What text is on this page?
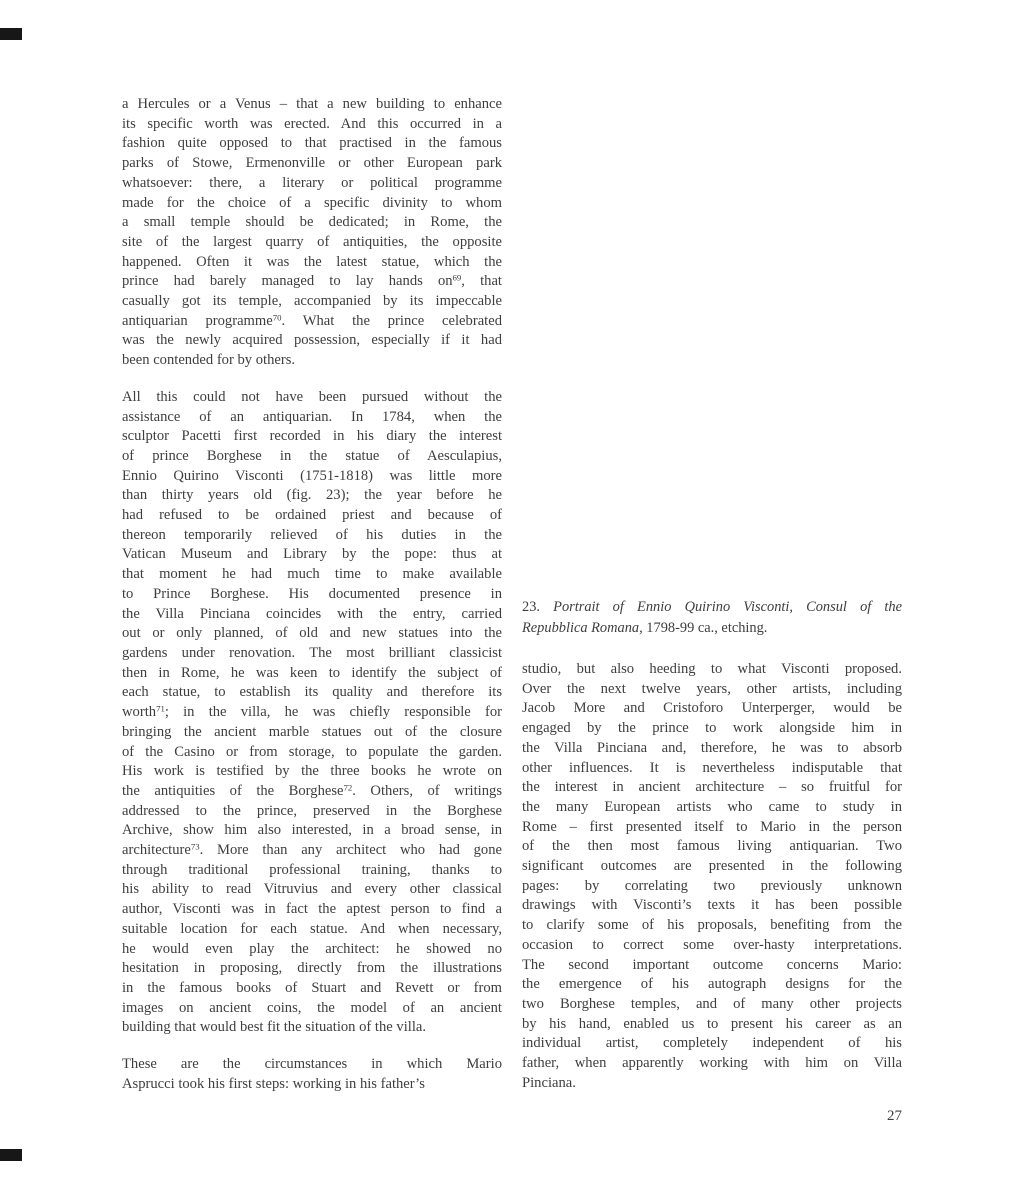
a Hercules or a Venus – that a new building to enhance
its specific worth was erected. And this occurred in a
fashion quite opposed to that practised in the famous
parks of Stowe, Ermenonville or other European park
whatsoever: there, a literary or political programme
made for the choice of a specific divinity to whom
a small temple should be dedicated; in Rome, the
site of the largest quarry of antiquities, the opposite
happened. Often it was the latest statue, which the
prince had barely managed to lay hands on$^{69}$, that
casually got its temple, accompanied by its impeccable
antiquarian programme$^{70}$. What the prince celebrated
was the newly acquired possession, especially if it had
been contended for by others.
All this could not have been pursued without the
assistance of an antiquarian. In 1784, when the
sculptor Pacetti first recorded in his diary the interest
of prince Borghese in the statue of Aesculapius,
Ennio Quirino Visconti (1751-1818) was little more
than thirty years old (fig. 23); the year before he
had refused to be ordained priest and because of
thereon temporarily relieved of his duties in the
Vatican Museum and Library by the pope: thus at
that moment he had much time to make available
to Prince Borghese. His documented presence in
the Villa Pinciana coincides with the entry, carried
out or only planned, of old and new statues into the
gardens under renovation. The most brilliant classicist
then in Rome, he was keen to identify the subject of
each statue, to establish its quality and therefore its
worth$^{71}$; in the villa, he was chiefly responsible for
bringing the ancient marble statues out of the closure
of the Casino or from storage, to populate the garden.
His work is testified by the three books he wrote on
the antiquities of the Borghese$^{72}$. Others, of writings
addressed to the prince, preserved in the Borghese
Archive, show him also interested, in a broad sense, in
architecture$^{73}$. More than any architect who had gone
through traditional professional training, thanks to
his ability to read Vitruvius and every other classical
author, Visconti was in fact the aptest person to find a
suitable location for each statue. And when necessary,
he would even play the architect: he showed no
hesitation in proposing, directly from the illustrations
in the famous books of Stuart and Revett or from
images on ancient coins, the model of an ancient
building that would best fit the situation of the villa.
These are the circumstances in which Mario
Asprucci took his first steps: working in his father’s
23. Portrait of Ennio Quirino Visconti, Consul of the
Repubblica Romana, 1798-99 ca., etching.
studio, but also heeding to what Visconti proposed.
Over the next twelve years, other artists, including
Jacob More and Cristoforo Unterperger, would be
engaged by the prince to work alongside him in
the Villa Pinciana and, therefore, he was to absorb
other influences. It is nevertheless indisputable that
the interest in ancient architecture – so fruitful for
the many European artists who came to study in
Rome – first presented itself to Mario in the person
of the then most famous living antiquarian. Two
significant outcomes are presented in the following
pages: by correlating two previously unknown
drawings with Visconti’s texts it has been possible
to clarify some of his proposals, benefiting from the
occasion to correct some over-hasty interpretations.
The second important outcome concerns Mario:
the emergence of his autograph designs for the
two Borghese temples, and of many other projects
by his hand, enabled us to present his career as an
individual artist, completely independent of his
father, when apparently working with him on Villa
Pinciana.
27
